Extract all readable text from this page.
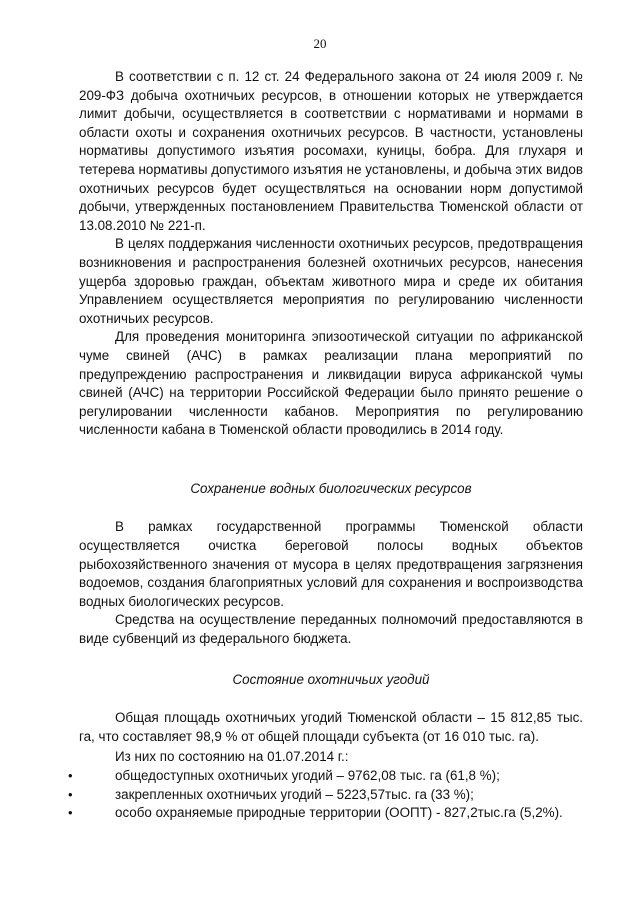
20

В соответствии с п. 12 ст. 24 Федерального закона от 24 июля 2009 г. № 209-ФЗ добыча охотничьих ресурсов, в отношении которых не утверждается лимит добычи, осуществляется в соответствии с нормативами и нормами в области охоты и сохранения охотничьих ресурсов. В частности, установлены нормативы допустимого изъятия росомахи, куницы, бобра. Для глухаря и тетерева нормативы допустимого изъятия не установлены, и добыча этих видов охотничьих ресурсов будет осуществляться на основании норм допустимой добычи, утвержденных постановлением Правительства Тюменской области от 13.08.2010 № 221-п.

В целях поддержания численности охотничьих ресурсов, предотвращения возникновения и распространения болезней охотничьих ресурсов, нанесения ущерба здоровью граждан, объектам животного мира и среде их обитания Управлением осуществляется мероприятия по регулированию численности охотничьих ресурсов.

Для проведения мониторинга эпизоотической ситуации по африканской чуме свиней (АЧС) в рамках реализации плана мероприятий по предупреждению распространения и ликвидации вируса африканской чумы свиней (АЧС) на территории Российской Федерации было принято решение о регулировании численности кабанов. Мероприятия по регулированию численности кабана в Тюменской области проводились в 2014 году.

Сохранение водных биологических ресурсов

В рамках государственной программы Тюменской области осуществляется очистка береговой полосы водных объектов рыбохозяйственного значения от мусора в целях предотвращения загрязнения водоемов, создания благоприятных условий для сохранения и воспроизводства водных биологических ресурсов.

Средства на осуществление переданных полномочий предоставляются в виде субвенций из федерального бюджета.

Состояние охотничьих угодий

Общая площадь охотничьих угодий Тюменской области – 15 812,85 тыс. га, что составляет 98,9 % от общей площади субъекта (от 16 010 тыс. га).

Из них по состоянию на 01.07.2014 г.:

•	общедоступных охотничьих угодий – 9762,08 тыс. га (61,8 %);
•	закрепленных охотничьих угодий – 5223,57тыс. га (33 %);
•	особо охраняемые природные территории (ООПТ) - 827,2тыс.га (5,2%).
